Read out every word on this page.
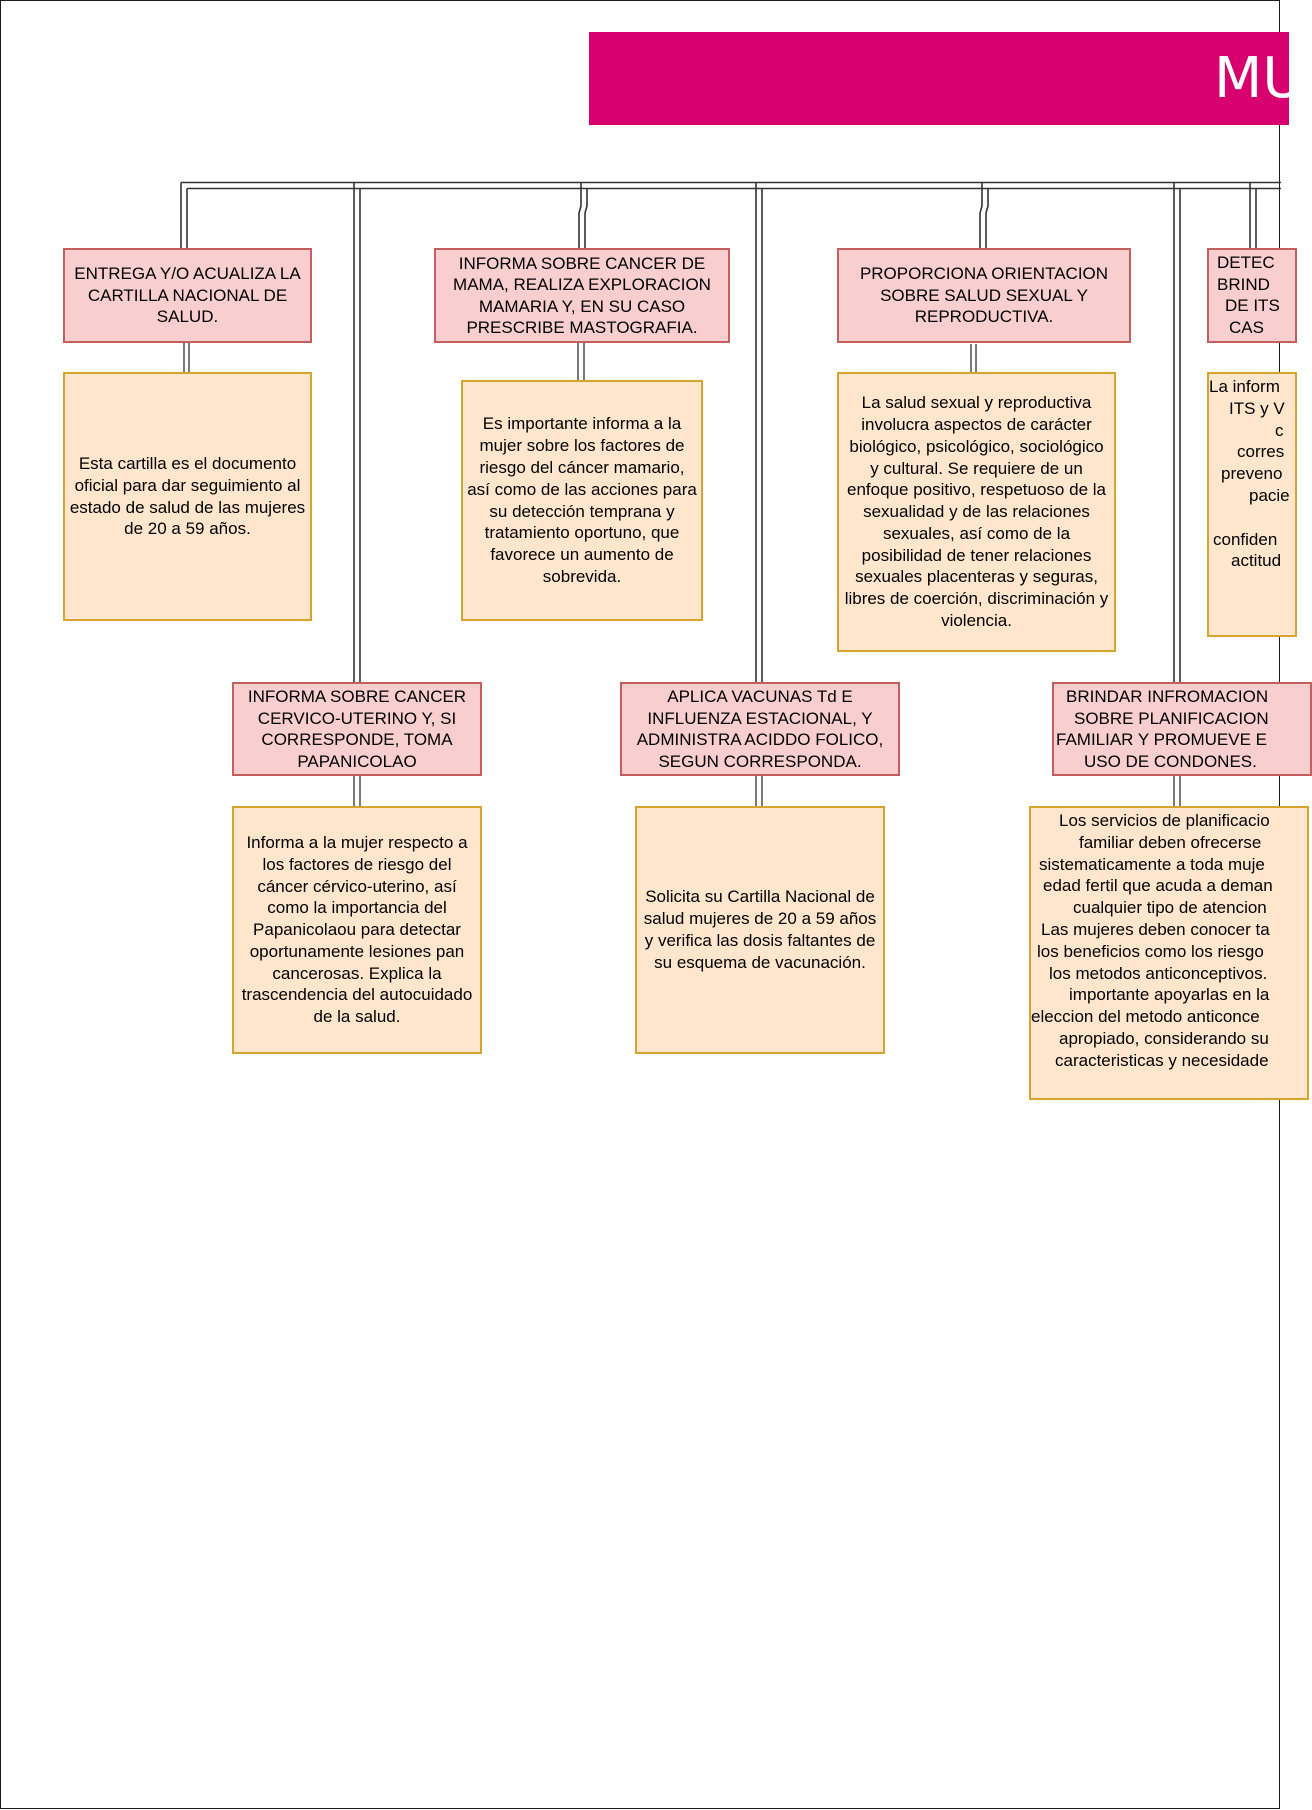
MU
ENTREGA Y/O ACUALIZA LA CARTILLA NACIONAL DE SALUD.
Esta cartilla es el documento oficial para dar seguimiento al estado de salud de las mujeres de 20 a 59 años.
INFORMA SOBRE CANCER DE MAMA, REALIZA EXPLORACION MAMARIA Y, EN SU CASO PRESCRIBE MASTOGRAFIA.
Es importante informa a la mujer sobre los factores de riesgo del cáncer mamario, así como de las acciones para su detección temprana y tratamiento oportuno, que favorece un aumento de sobrevida.
PROPORCIONA ORIENTACION SOBRE SALUD SEXUAL Y REPRODUCTIVA.
La salud sexual y reproductiva involucra aspectos de carácter biológico, psicológico, sociológico y cultural. Se requiere de un enfoque positivo, respetuoso de la sexualidad y de las relaciones sexuales, así como de la posibilidad de tener relaciones sexuales placenteras y seguras, libres de coerción, discriminación y violencia.
DETEC
BRIND
DE ITS
CAS
La inform
ITS y V
c
corres
preveno
pacie
confiden
actitud
INFORMA SOBRE CANCER CERVICO-UTERINO Y, SI CORRESPONDE, TOMA PAPANICOLAO
Informa a la mujer respecto a los factores de riesgo del cáncer cérvico-uterino, así como la importancia del Papanicolaou para detectar oportunamente lesiones pan cancerosas. Explica la trascendencia del autocuidado de la salud.
APLICA VACUNAS Td E INFLUENZA ESTACIONAL, Y ADMINISTRA ACIDDO FOLICO, SEGUN CORRESPONDA.
Solicita su Cartilla Nacional de salud mujeres de 20 a 59 años y verifica las dosis faltantes de su esquema de vacunación.
BRINDAR INFROMACION
SOBRE PLANIFICACION
FAMILIAR Y PROMUEVE E
USO DE CONDONES.
Los servicios de planificacio
familiar deben ofrecerse
sistematicamente a toda muje
edad fertil que acuda a deman
cualquier tipo de atencion
Las mujeres deben conocer ta
los beneficios como los riesgo
los metodos anticonceptivos.
importante apoyarlas en la
eleccion del metodo anticonce
apropiado, considerando su
caracteristicas y necesidade
